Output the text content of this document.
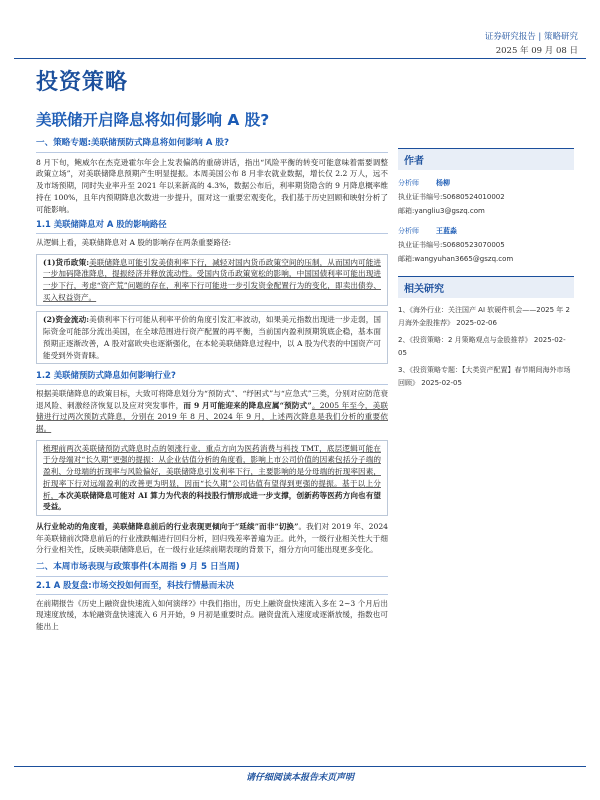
证券研究报告 | 策略研究
2025 年 09 月 08 日
投资策略
美联储开启降息将如何影响 A 股?
一、策略专题:美联储预防式降息将如何影响 A 股?

8 月下旬，鲍威尔在杰克逊霍尔年会上发表偏鸽的重磅讲话，指出“风险平衡的转变可能意味着需要调整政策立场”，对美联储降息预期产生明显提振。本周美国公布 8 月非农就业数据，增长仅 2.2 万人，远不及市场预期，同时失业率升至 2021 年以来新高的 4.3%，数据公布后，利率期货隐含的 9 月降息概率维持在 100%，且年内预期降息次数进一步提升，面对这一重要宏观变化，我们基于历史回顾和映射分析了可能影响。

1.1 美联储降息对 A 股的影响路径

从逻辑上看，美联储降息对 A 股的影响存在两条重要路径:

(1)货币政策:美联储降息可能引发美债利率下行，减轻对国内货币政策空间的压制，从而国内可能进一步加码降准降息，提振经济并释放流动性。受国内货币政策宽松的影响，中国国债利率可能出现进一步下行，考虑“资产荒”问题的存在，利率下行可能进一步引发资金配置行为的变化，即卖出债券、买入权益资产。

(2)资金流动:美债利率下行可能从利率平价的角度引发汇率波动，如果美元指数出现进一步走弱，国际资金可能部分流出美国，在全球范围进行资产配置的再平衡，当前国内盈利预期筑底企稳，基本面预期正逐渐改善，A 股对富欧央也逐渐强化，在本轮美联储降息过程中，以 A 股为代表的中国资产可能受到外资青睐。

1.2 美联储预防式降息如何影响行业?

根据美联储降息的政策目标，大致可将降息划分为“预防式”、“纾困式”与“应急式”三类，分别对应防范衰退风险、刺激经济恢复以及应对突发事件，而 9 月可能迎来的降息应属“预防式”。2005 年至今，美联储进行过两次预防式降息，分别在 2019 年 8 月、2024 年 9 月，上述两次降息是我们分析的重要依据。

梳理前两次美联储预防式降息时点的领涨行业，重点方向为医药消费与科技 TMT，底层逻辑可能在于分母端对“长久期”更强的提振：从企业估值分析的角度看，影响上市公司价值的因素包括分子端的盈利、分母端的折现率与风险偏好，美联储降息引发利率下行，主要影响的是分母端的折现率因素，折现率下行对远端盈利的改善更为明显，因而“长久期”公司估值有望得到更强的提振。基于以上分析，本次美联储降息可能对 AI 算力为代表的科技股行情形成进一步支撑，创新药等医药方向也有望受益。

从行业轮动的角度看，美联储降息前后的行业表现更倾向于“延续”而非“切换”。我们对 2019 年、2024 年美联储前次降息前后的行业涨跌幅进行回归分析，回归残差率普遍为正。此外，一级行业相关性大于细分行业相关性，反映美联储降息后，在一级行业延续前期表现的背景下，细分方向可能出现更多变化。

二、本周市场表现与政策事件(本周指 9 月 5 日当周)
2.1 A 股复盘:市场交投如何而至，科技行情悬而未决

在前期报告《历史上融资盘快速流入如何演绎?》中我们指出，历史上融资盘快速流入多在 2~3 个月后出现速度放缓，本轮融资盘快速流入 6 月开始，9 月初是重要时点。融资盘流入速度或逐渐放缓，指数也可能出上

作者
分析师	杨柳
执业证书编号: S0680524010002
邮箱: yangliu3@gszq.com
分析师	王蓝淼
执业证书编号: S0680523070005
邮箱: wangyuhan3665@gszq.com
相关研究
1、《海外行业：关注国产 AI 软硬件机会——2025 年 2 月海外金股推荐》 2025-02-06
2、《投资策略：2 月策略观点与金股推荐》 2025-02-05
3、《投资策略专题：【大类资产配置】春节期间海外市场回顾》 2025-02-05
请仔细阅读本报告末页声明
